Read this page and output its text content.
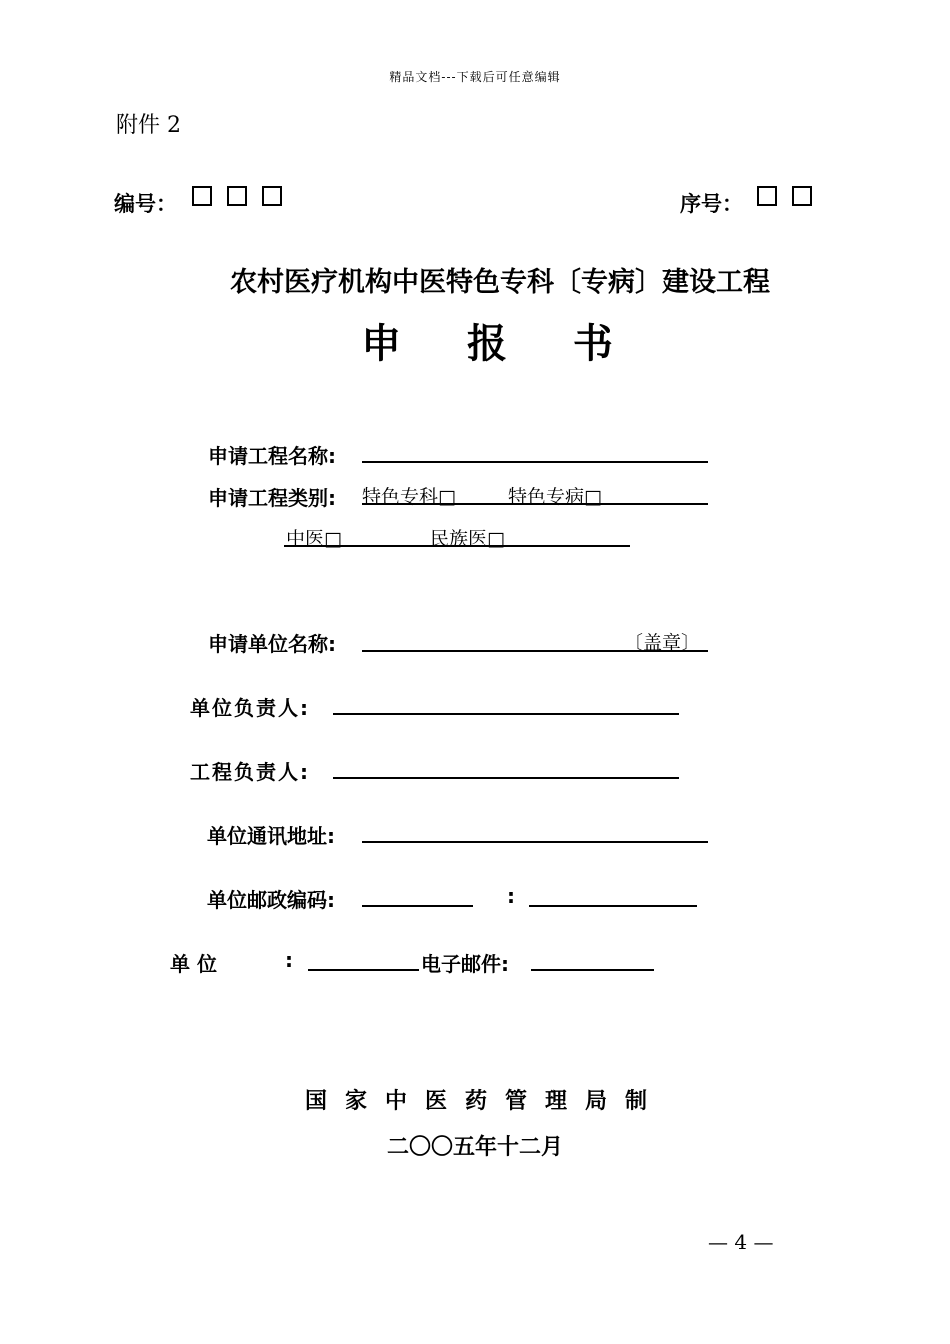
精品文档---下载后可任意编辑
附件 2
编号：	序号：
农村医疗机构中医特色专科〔专病〕建设工程
申 报 书
申请工程名称:
申请工程类别: 特色专科□	特色专病□
中医□	民族医□
申请单位名称:	〔盖章〕
单位负责人:
工程负责人:
单位通讯地址:
单位邮政编码:	:
单 位	:	电子邮件:
国家中医药管理局制
二〇〇五年十二月
— 4 —
